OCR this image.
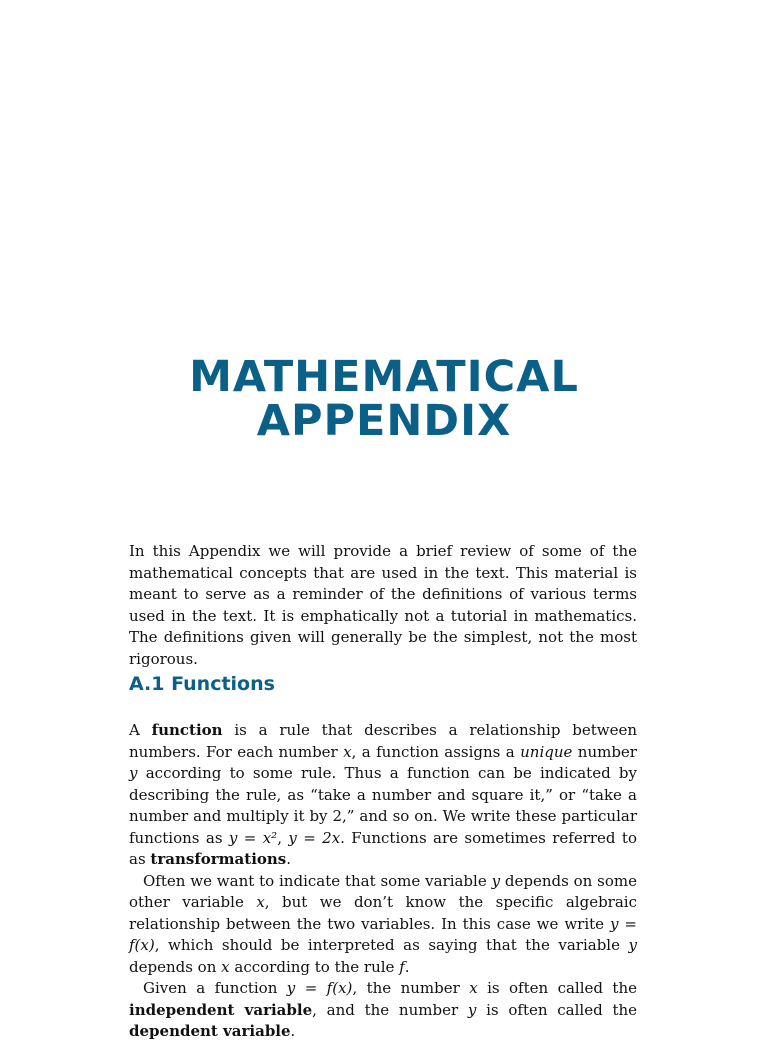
MATHEMATICAL
APPENDIX

In this Appendix we will provide a brief review of some of the mathematical concepts that are used in the text. This material is meant to serve as a reminder of the definitions of various terms used in the text. It is emphatically not a tutorial in mathematics. The definitions given will generally be the simplest, not the most rigorous.

A.1 Functions

A function is a rule that describes a relationship between numbers. For each number x, a function assigns a unique number y according to some rule. Thus a function can be indicated by describing the rule, as “take a number and square it,” or “take a number and multiply it by 2,” and so on. We write these particular functions as y = x², y = 2x. Functions are sometimes referred to as transformations.

Often we want to indicate that some variable y depends on some other variable x, but we don’t know the specific algebraic relationship between the two variables. In this case we write y = f(x), which should be interpreted as saying that the variable y depends on x according to the rule f.

Given a function y = f(x), the number x is often called the independent variable, and the number y is often called the dependent variable.
